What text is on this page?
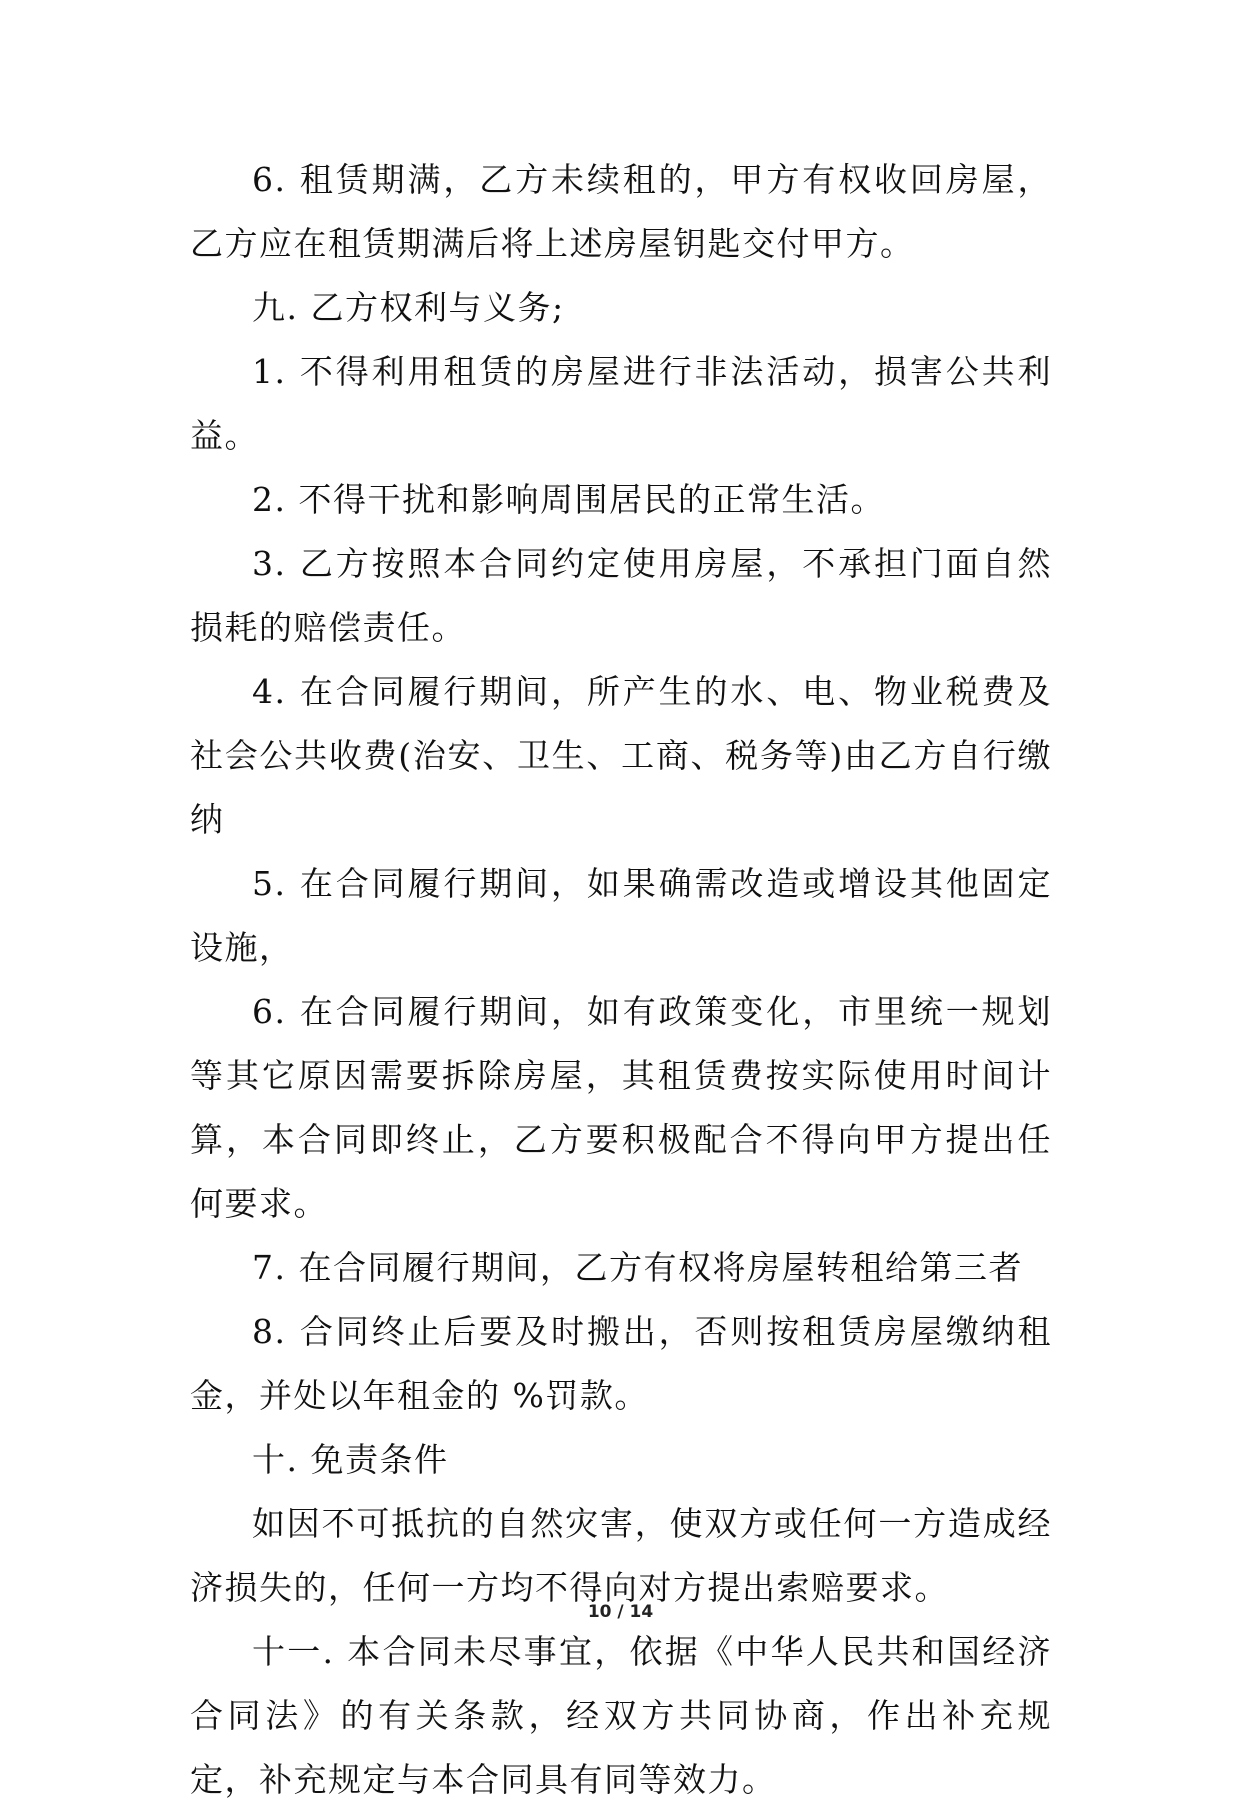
6. 租赁期满，乙方未续租的，甲方有权收回房屋，乙方应在租赁期满后将上述房屋钥匙交付甲方。

九. 乙方权利与义务;

1. 不得利用租赁的房屋进行非法活动，损害公共利益。

2. 不得干扰和影响周围居民的正常生活。

3. 乙方按照本合同约定使用房屋，不承担门面自然损耗的赔偿责任。

4. 在合同履行期间，所产生的水、电、物业税费及社会公共收费(治安、卫生、工商、税务等)由乙方自行缴纳

5. 在合同履行期间，如果确需改造或增设其他固定设施，

6. 在合同履行期间，如有政策变化，市里统一规划等其它原因需要拆除房屋，其租赁费按实际使用时间计算，本合同即终止，乙方要积极配合不得向甲方提出任何要求。

7. 在合同履行期间，乙方有权将房屋转租给第三者

8. 合同终止后要及时搬出，否则按租赁房屋缴纳租金，并处以年租金的 %罚款。

十. 免责条件

如因不可抵抗的自然灾害，使双方或任何一方造成经济损失的，任何一方均不得向对方提出索赔要求。

十一. 本合同未尽事宜，依据《中华人民共和国经济合同法》的有关条款，经双方共同协商，作出补充规定，补充规定与本合同具有同等效力。

10 / 14
